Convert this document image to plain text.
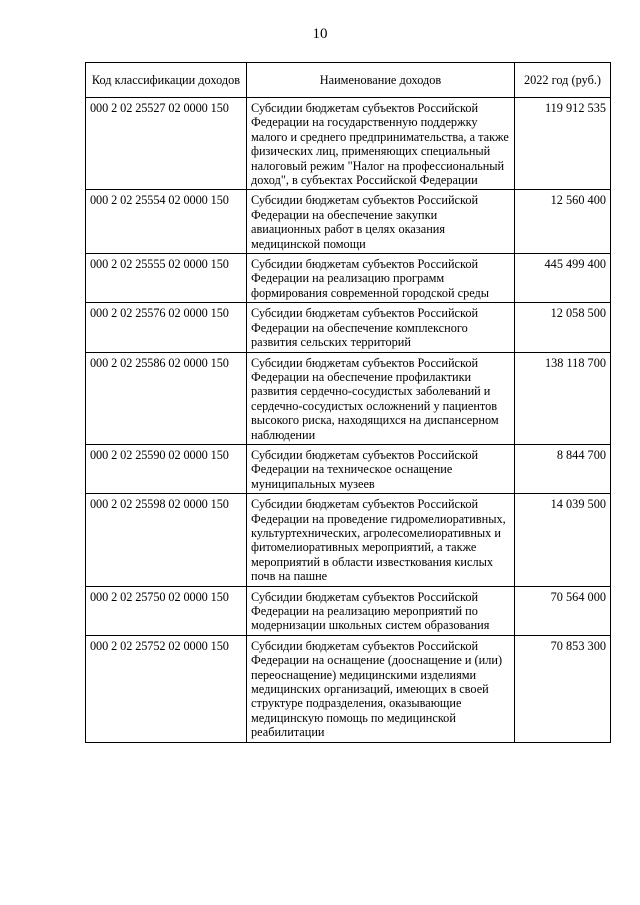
10
Код классификации доходов	Наименование доходов	2022 год (руб.)
000 2 02 25527 02 0000 150	Субсидии бюджетам субъектов Российской Федерации на государственную поддержку малого и среднего предпринимательства, а также физических лиц, применяющих специальный налоговый режим "Налог на профессиональный доход", в субъектах Российской Федерации	119 912 535
000 2 02 25554 02 0000 150	Субсидии бюджетам субъектов Российской Федерации на обеспечение закупки авиационных работ в целях оказания медицинской помощи	12 560 400
000 2 02 25555 02 0000 150	Субсидии бюджетам субъектов Российской Федерации на реализацию программ формирования современной городской среды	445 499 400
000 2 02 25576 02 0000 150	Субсидии бюджетам субъектов Российской Федерации на обеспечение комплексного развития сельских территорий	12 058 500
000 2 02 25586 02 0000 150	Субсидии бюджетам субъектов Российской Федерации на обеспечение профилактики развития сердечно-сосудистых заболеваний и сердечно-сосудистых осложнений у пациентов высокого риска, находящихся на диспансерном наблюдении	138 118 700
000 2 02 25590 02 0000 150	Субсидии бюджетам субъектов Российской Федерации на техническое оснащение муниципальных музеев	8 844 700
000 2 02 25598 02 0000 150	Субсидии бюджетам субъектов Российской Федерации на проведение гидромелиоративных, культуртехнических, агролесомелиоративных и фитомелиоративных мероприятий, а также мероприятий в области известкования кислых почв на пашне	14 039 500
000 2 02 25750 02 0000 150	Субсидии бюджетам субъектов Российской Федерации на реализацию мероприятий по модернизации школьных систем образования	70 564 000
000 2 02 25752 02 0000 150	Субсидии бюджетам субъектов Российской Федерации на оснащение (дооснащение и (или) переоснащение) медицинскими изделиями медицинских организаций, имеющих в своей структуре подразделения, оказывающие медицинскую помощь по медицинской реабилитации	70 853 300
